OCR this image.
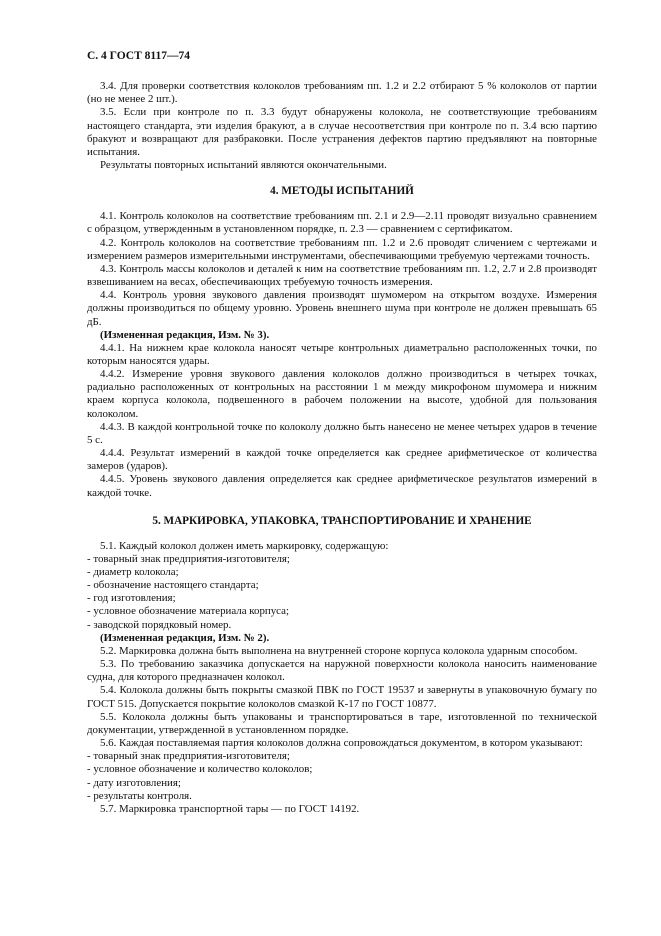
С. 4 ГОСТ 8117—74

3.4. Для проверки соответствия колоколов требованиям пп. 1.2 и 2.2 отбирают 5 % колоколов от партии (но не менее 2 шт.).

3.5. Если при контроле по п. 3.3 будут обнаружены колокола, не соответствующие требованиям настоящего стандарта, эти изделия бракуют, а в случае несоответствия при контроле по п. 3.4 всю партию бракуют и возвращают для разбраковки. После устранения дефектов партию предъявляют на повторные испытания.

Результаты повторных испытаний являются окончательными.

4. МЕТОДЫ ИСПЫТАНИЙ

4.1. Контроль колоколов на соответствие требованиям пп. 2.1 и 2.9—2.11 проводят визуально сравнением с образцом, утвержденным в установленном порядке, п. 2.3 — сравнением с сертификатом.

4.2. Контроль колоколов на соответствие требованиям пп. 1.2 и 2.6 проводят сличением с чертежами и измерением размеров измерительными инструментами, обеспечивающими требуемую чертежами точность.

4.3. Контроль массы колоколов и деталей к ним на соответствие требованиям пп. 1.2, 2.7 и 2.8 производят взвешиванием на весах, обеспечивающих требуемую точность измерения.

4.4. Контроль уровня звукового давления производят шумомером на открытом воздухе. Измерения должны производиться по общему уровню. Уровень внешнего шума при контроле не должен превышать 65 дБ.

(Измененная редакция, Изм. № 3).

4.4.1. На нижнем крае колокола наносят четыре контрольных диаметрально расположенных точки, по которым наносятся удары.

4.4.2. Измерение уровня звукового давления колоколов должно производиться в четырех точках, радиально расположенных от контрольных на расстоянии 1 м между микрофоном шумомера и нижним краем корпуса колокола, подвешенного в рабочем положении на высоте, удобной для пользования колоколом.

4.4.3. В каждой контрольной точке по колоколу должно быть нанесено не менее четырех ударов в течение 5 с.

4.4.4. Результат измерений в каждой точке определяется как среднее арифметическое от количества замеров (ударов).

4.4.5. Уровень звукового давления определяется как среднее арифметическое результатов измерений в каждой точке.

5. МАРКИРОВКА, УПАКОВКА, ТРАНСПОРТИРОВАНИЕ И ХРАНЕНИЕ

5.1. Каждый колокол должен иметь маркировку, содержащую:

- товарный знак предприятия-изготовителя;
- диаметр колокола;
- обозначение настоящего стандарта;
- год изготовления;
- условное обозначение материала корпуса;
- заводской порядковый номер.

(Измененная редакция, Изм. № 2).

5.2. Маркировка должна быть выполнена на внутренней стороне корпуса колокола ударным способом.

5.3. По требованию заказчика допускается на наружной поверхности колокола наносить наименование судна, для которого предназначен колокол.

5.4. Колокола должны быть покрыты смазкой ПВК по ГОСТ 19537 и завернуты в упаковочную бумагу по ГОСТ 515. Допускается покрытие колоколов смазкой К-17 по ГОСТ 10877.

5.5. Колокола должны быть упакованы и транспортироваться в таре, изготовленной по технической документации, утвержденной в установленном порядке.

5.6. Каждая поставляемая партия колоколов должна сопровождаться документом, в котором указывают:

- товарный знак предприятия-изготовителя;
- условное обозначение и количество колоколов;
- дату изготовления;
- результаты контроля.

5.7. Маркировка транспортной тары — по ГОСТ 14192.
